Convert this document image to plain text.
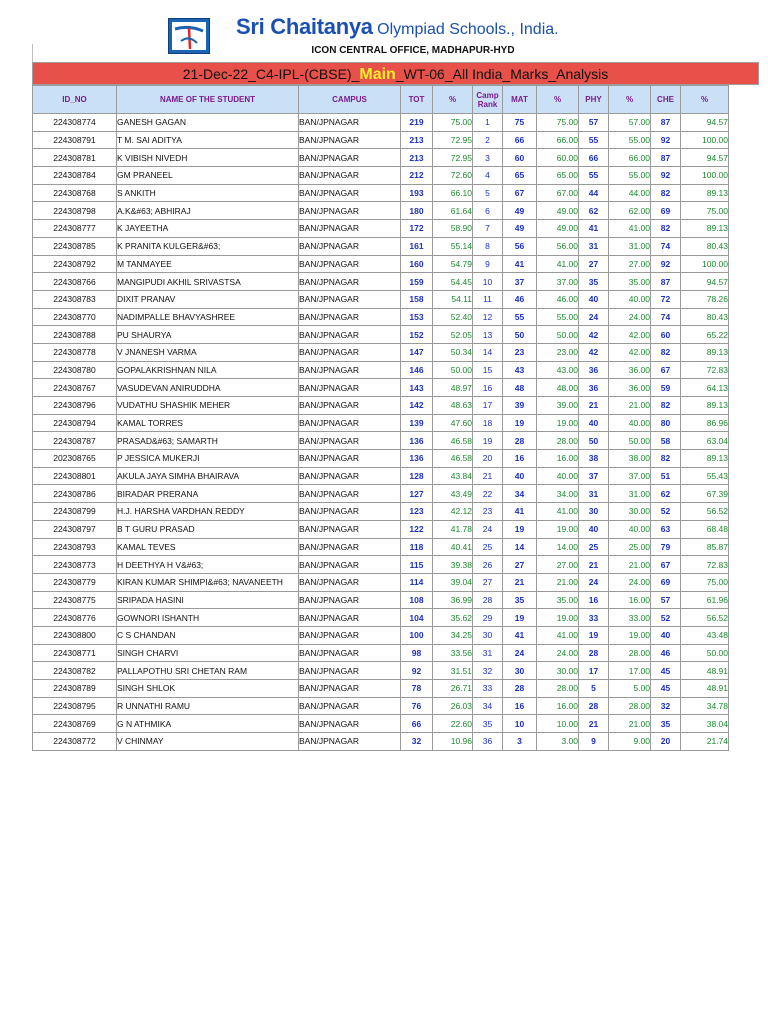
Sri Chaitanya Olympiad Schools., India.
ICON CENTRAL OFFICE, MADHAPUR-HYD
21-Dec-22_C4-IPL-(CBSE)_Main_WT-06_All India_Marks_Analysis
ID_NO	NAME OF THE STUDENT	CAMPUS	TOT	%	Camp Rank	MAT	%	PHY	%	CHE	%
224308774	GANESH GAGAN	BAN/JPNAGAR	219	75.00	1	75	75.00	57	57.00	87	94.57
224308791	T M. SAI ADITYA	BAN/JPNAGAR	213	72.95	2	66	66.00	55	55.00	92	100.00
224308781	K VIBISH NIVEDH	BAN/JPNAGAR	213	72.95	3	60	60.00	66	66.00	87	94.57
224308784	GM PRANEEL	BAN/JPNAGAR	212	72.60	4	65	65.00	55	55.00	92	100.00
224308768	S ANKITH	BAN/JPNAGAR	193	66.10	5	67	67.00	44	44.00	82	89.13
224308798	A.K&#63; ABHIRAJ	BAN/JPNAGAR	180	61.64	6	49	49.00	62	62.00	69	75.00
224308777	K JAYEETHA	BAN/JPNAGAR	172	58.90	7	49	49.00	41	41.00	82	89.13
224308785	K PRANITA KULGER&#63;	BAN/JPNAGAR	161	55.14	8	56	56.00	31	31.00	74	80.43
224308792	M TANMAYEE	BAN/JPNAGAR	160	54.79	9	41	41.00	27	27.00	92	100.00
224308766	MANGIPUDI AKHIL SRIVASTSA	BAN/JPNAGAR	159	54.45	10	37	37.00	35	35.00	87	94.57
224308783	DIXIT PRANAV	BAN/JPNAGAR	158	54.11	11	46	46.00	40	40.00	72	78.26
224308770	NADIMPALLE BHAVYASHREE	BAN/JPNAGAR	153	52.40	12	55	55.00	24	24.00	74	80.43
224308788	PU SHAURYA	BAN/JPNAGAR	152	52.05	13	50	50.00	42	42.00	60	65.22
224308778	V JNANESH VARMA	BAN/JPNAGAR	147	50.34	14	23	23.00	42	42.00	82	89.13
224308780	GOPALAKRISHNAN NILA	BAN/JPNAGAR	146	50.00	15	43	43.00	36	36.00	67	72.83
224308767	VASUDEVAN ANIRUDDHA	BAN/JPNAGAR	143	48.97	16	48	48.00	36	36.00	59	64.13
224308796	VUDATHU SHASHIK MEHER	BAN/JPNAGAR	142	48.63	17	39	39.00	21	21.00	82	89.13
224308794	KAMAL TORRES	BAN/JPNAGAR	139	47.60	18	19	19.00	40	40.00	80	86.96
224308787	PRASAD&#63; SAMARTH	BAN/JPNAGAR	136	46.58	19	28	28.00	50	50.00	58	63.04
202308765	P JESSICA MUKERJI	BAN/JPNAGAR	136	46.58	20	16	16.00	38	38.00	82	89.13
224308801	AKULA JAYA SIMHA BHAIRAVA	BAN/JPNAGAR	128	43.84	21	40	40.00	37	37.00	51	55.43
224308786	BIRADAR PRERANA	BAN/JPNAGAR	127	43.49	22	34	34.00	31	31.00	62	67.39
224308799	H.J. HARSHA VARDHAN REDDY	BAN/JPNAGAR	123	42.12	23	41	41.00	30	30.00	52	56.52
224308797	B T GURU PRASAD	BAN/JPNAGAR	122	41.78	24	19	19.00	40	40.00	63	68.48
224308793	KAMAL TEVES	BAN/JPNAGAR	118	40.41	25	14	14.00	25	25.00	79	85.87
224308773	H DEETHYA H V&#63;	BAN/JPNAGAR	115	39.38	26	27	27.00	21	21.00	67	72.83
224308779	KIRAN KUMAR SHIMPI&#63; NAVANEETH	BAN/JPNAGAR	114	39.04	27	21	21.00	24	24.00	69	75.00
224308775	SRIPADA HASINI	BAN/JPNAGAR	108	36.99	28	35	35.00	16	16.00	57	61.96
224308776	GOWNORI ISHANTH	BAN/JPNAGAR	104	35.62	29	19	19.00	33	33.00	52	56.52
224308800	C S CHANDAN	BAN/JPNAGAR	100	34.25	30	41	41.00	19	19.00	40	43.48
224308771	SINGH CHARVI	BAN/JPNAGAR	98	33.56	31	24	24.00	28	28.00	46	50.00
224308782	PALLAPOTHU SRI CHETAN RAM	BAN/JPNAGAR	92	31.51	32	30	30.00	17	17.00	45	48.91
224308789	SINGH SHLOK	BAN/JPNAGAR	78	26.71	33	28	28.00	5	5.00	45	48.91
224308795	R UNNATHI RAMU	BAN/JPNAGAR	76	26.03	34	16	16.00	28	28.00	32	34.78
224308769	G N ATHMIKA	BAN/JPNAGAR	66	22.60	35	10	10.00	21	21.00	35	38.04
224308772	V CHINMAY	BAN/JPNAGAR	32	10.96	36	3	3.00	9	9.00	20	21.74
